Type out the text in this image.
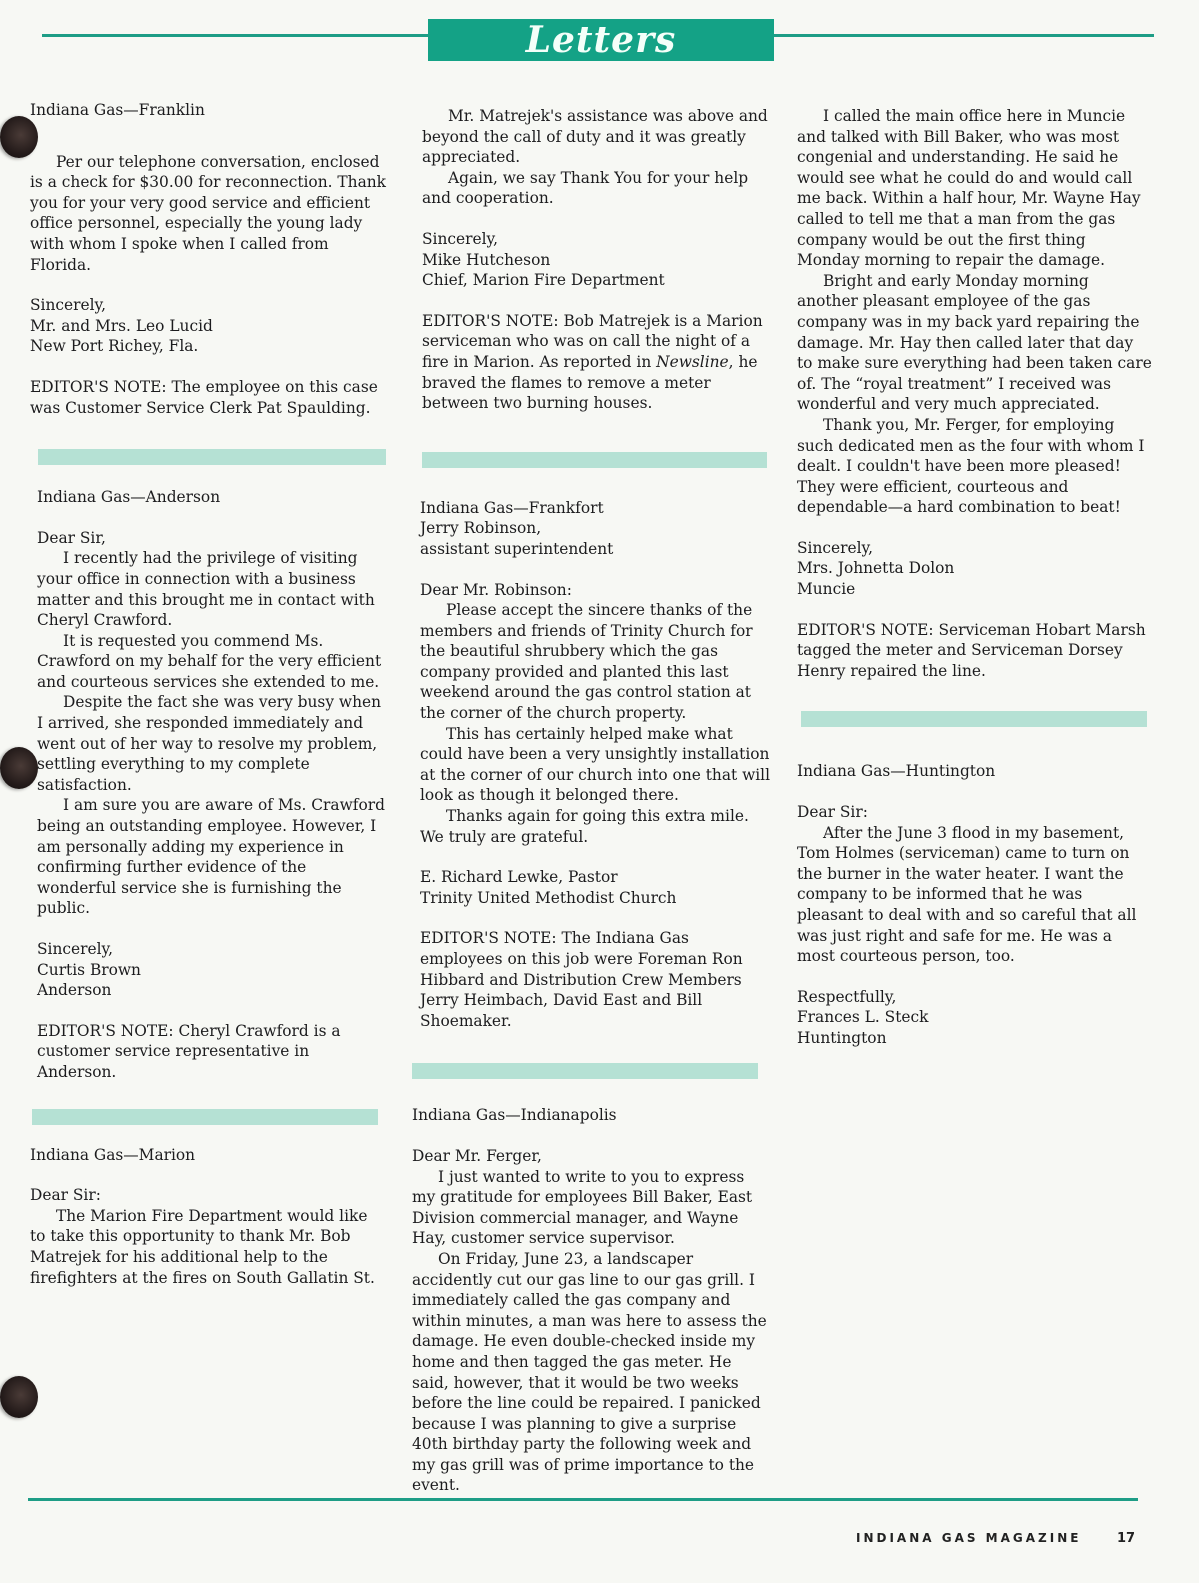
Letters
Indiana Gas—Franklin

Per our telephone conversation, enclosed is a check for $30.00 for reconnection. Thank you for your very good service and efficient office personnel, especially the young lady with whom I spoke when I called from Florida.

Sincerely,
Mr. and Mrs. Leo Lucid
New Port Richey, Fla.

EDITOR'S NOTE: The employee on this case was Customer Service Clerk Pat Spaulding.

Indiana Gas—Anderson
Dear Sir,

I recently had the privilege of visiting your office in connection with a business matter and this brought me in contact with Cheryl Crawford.

It is requested you commend Ms. Crawford on my behalf for the very efficient and courteous services she extended to me.

Despite the fact she was very busy when I arrived, she responded immediately and went out of her way to resolve my problem, settling everything to my complete satisfaction.

I am sure you are aware of Ms. Crawford being an outstanding employee. However, I am personally adding my experience in confirming further evidence of the wonderful service she is furnishing the public.

Sincerely,
Curtis Brown
Anderson

EDITOR'S NOTE: Cheryl Crawford is a customer service representative in Anderson.

Indiana Gas—Marion
Dear Sir:

The Marion Fire Department would like to take this opportunity to thank Mr. Bob Matrejek for his additional help to the firefighters at the fires on South Gallatin St.

Mr. Matrejek's assistance was above and beyond the call of duty and it was greatly appreciated.

Again, we say Thank You for your help and cooperation.

Sincerely,
Mike Hutcheson
Chief, Marion Fire Department

EDITOR'S NOTE: Bob Matrejek is a Marion serviceman who was on call the night of a fire in Marion. As reported in Newsline, he braved the flames to remove a meter between two burning houses.

Indiana Gas—Frankfort
Jerry Robinson,
assistant superintendent
Dear Mr. Robinson:

Please accept the sincere thanks of the members and friends of Trinity Church for the beautiful shrubbery which the gas company provided and planted this last weekend around the gas control station at the corner of the church property.

This has certainly helped make what could have been a very unsightly installation at the corner of our church into one that will look as though it belonged there.

Thanks again for going this extra mile. We truly are grateful.

E. Richard Lewke, Pastor
Trinity United Methodist Church

EDITOR'S NOTE: The Indiana Gas employees on this job were Foreman Ron Hibbard and Distribution Crew Members Jerry Heimbach, David East and Bill Shoemaker.

Indiana Gas—Indianapolis
Dear Mr. Ferger,

I just wanted to write to you to express my gratitude for employees Bill Baker, East Division commercial manager, and Wayne Hay, customer service supervisor.

On Friday, June 23, a landscaper accidently cut our gas line to our gas grill. I immediately called the gas company and within minutes, a man was here to assess the damage. He even double-checked inside my home and then tagged the gas meter. He said, however, that it would be two weeks before the line could be repaired. I panicked because I was planning to give a surprise 40th birthday party the following week and my gas grill was of prime importance to the event.

I called the main office here in Muncie and talked with Bill Baker, who was most congenial and understanding. He said he would see what he could do and would call me back. Within a half hour, Mr. Wayne Hay called to tell me that a man from the gas company would be out the first thing Monday morning to repair the damage.

Bright and early Monday morning another pleasant employee of the gas company was in my back yard repairing the damage. Mr. Hay then called later that day to make sure everything had been taken care of. The “royal treatment” I received was wonderful and very much appreciated.

Thank you, Mr. Ferger, for employing such dedicated men as the four with whom I dealt. I couldn't have been more pleased! They were efficient, courteous and dependable—a hard combination to beat!

Sincerely,
Mrs. Johnetta Dolon
Muncie

EDITOR'S NOTE: Serviceman Hobart Marsh tagged the meter and Serviceman Dorsey Henry repaired the line.

Indiana Gas—Huntington
Dear Sir:

After the June 3 flood in my basement, Tom Holmes (serviceman) came to turn on the burner in the water heater. I want the company to be informed that he was pleasant to deal with and so careful that all was just right and safe for me. He was a most courteous person, too.

Respectfully,
Frances L. Steck
Huntington
INDIANA GAS MAGAZINE	17
